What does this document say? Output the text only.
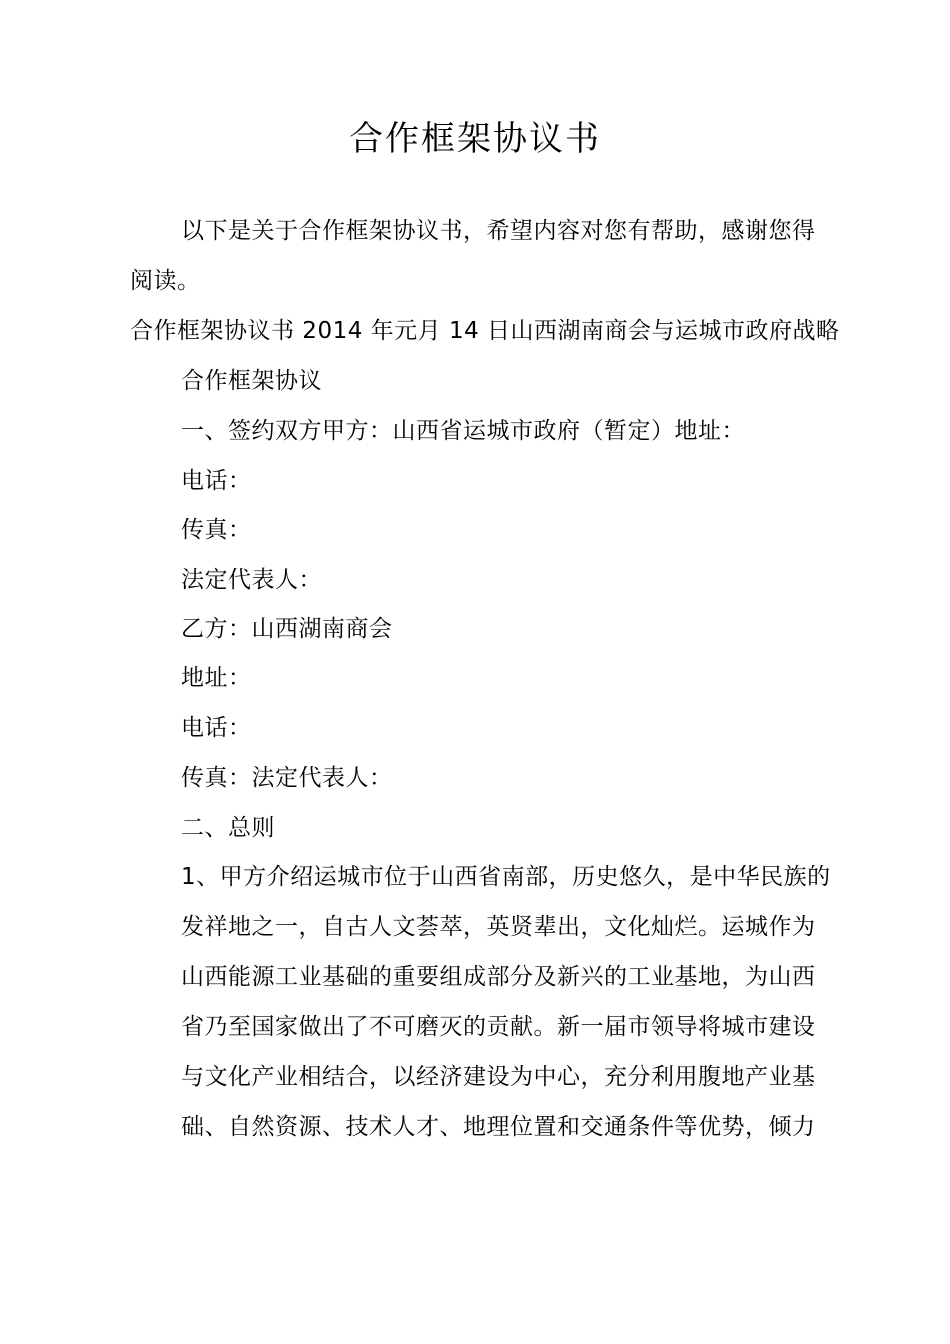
合作框架协议书
以下是关于合作框架协议书，希望内容对您有帮助，感谢您得
阅读。
合作框架协议书 2014 年元月 14 日山西湖南商会与运城市政府战略
合作框架协议
一、签约双方甲方：山西省运城市政府（暂定）地址：
电话：
传真：
法定代表人：
乙方：山西湖南商会
地址：
电话：
传真：法定代表人：
二、总则
1、甲方介绍运城市位于山西省南部，历史悠久，是中华民族的
发祥地之一，自古人文荟萃，英贤辈出，文化灿烂。运城作为
山西能源工业基础的重要组成部分及新兴的工业基地，为山西
省乃至国家做出了不可磨灭的贡献。新一届市领导将城市建设
与文化产业相结合，以经济建设为中心，充分利用腹地产业基
础、自然资源、技术人才、地理位置和交通条件等优势，倾力
